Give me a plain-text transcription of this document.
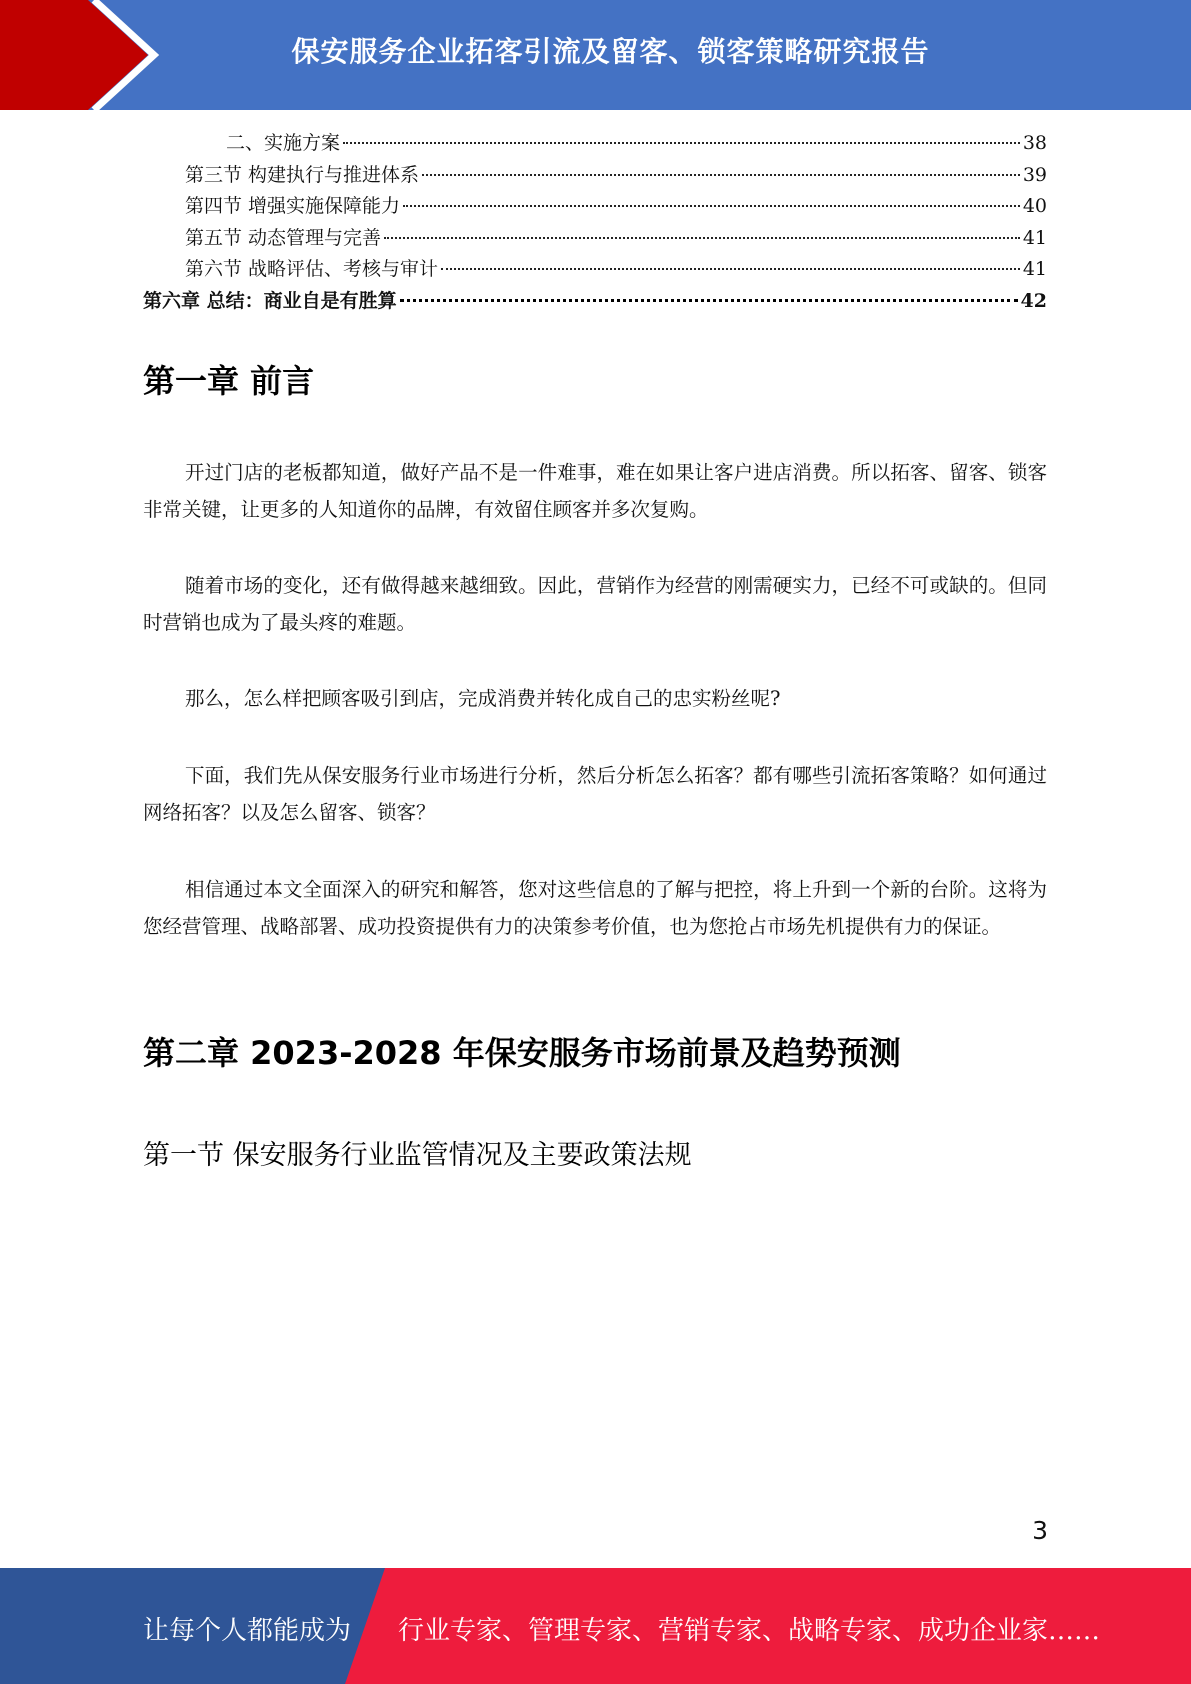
保安服务企业拓客引流及留客、锁客策略研究报告
二、实施方案	38
第三节 构建执行与推进体系	39
第四节 增强实施保障能力	40
第五节 动态管理与完善	41
第六节 战略评估、考核与审计	41
第六章 总结：商业自是有胜算	42
第一章 前言
开过门店的老板都知道，做好产品不是一件难事，难在如果让客户进店消费。所以拓客、留客、锁客非常关键，让更多的人知道你的品牌，有效留住顾客并多次复购。
随着市场的变化，还有做得越来越细致。因此，营销作为经营的刚需硬实力，已经不可或缺的。但同时营销也成为了最头疼的难题。
那么，怎么样把顾客吸引到店，完成消费并转化成自己的忠实粉丝呢?
下面，我们先从保安服务行业市场进行分析，然后分析怎么拓客？都有哪些引流拓客策略？如何通过网络拓客？以及怎么留客、锁客？
相信通过本文全面深入的研究和解答，您对这些信息的了解与把控，将上升到一个新的台阶。这将为您经营管理、战略部署、成功投资提供有力的决策参考价值，也为您抢占市场先机提供有力的保证。
第二章 2023-2028 年保安服务市场前景及趋势预测
第一节 保安服务行业监管情况及主要政策法规
3
让每个人都能成为 行业专家、管理专家、营销专家、战略专家、成功企业家……
